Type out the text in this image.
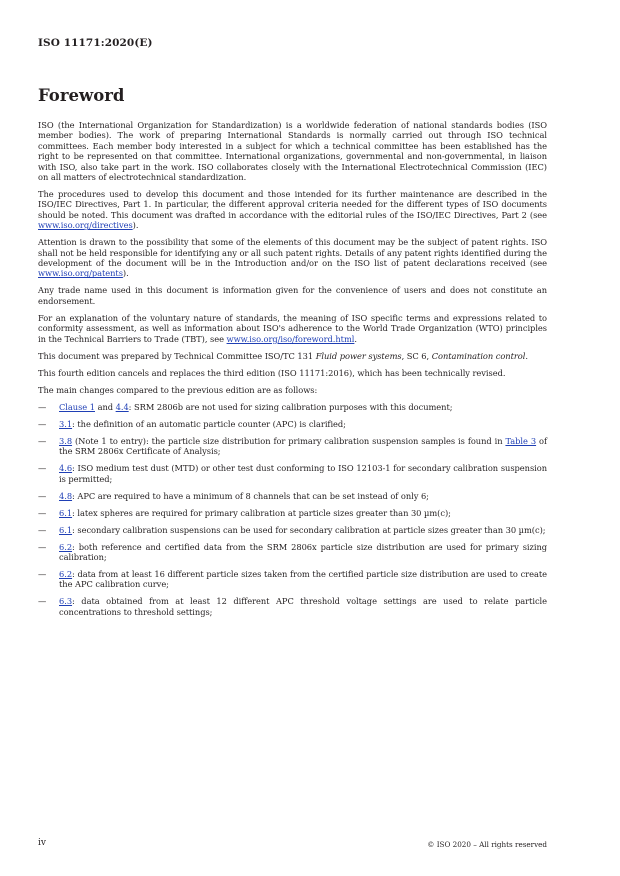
ISO 11171:2020(E)
Foreword

ISO (the International Organization for Standardization) is a worldwide federation of national standards bodies (ISO member bodies). The work of preparing International Standards is normally carried out through ISO technical committees. Each member body interested in a subject for which a technical committee has been established has the right to be represented on that committee. International organizations, governmental and non-governmental, in liaison with ISO, also take part in the work. ISO collaborates closely with the International Electrotechnical Commission (IEC) on all matters of electrotechnical standardization.

The procedures used to develop this document and those intended for its further maintenance are described in the ISO/IEC Directives, Part 1. In particular, the different approval criteria needed for the different types of ISO documents should be noted. This document was drafted in accordance with the editorial rules of the ISO/IEC Directives, Part 2 (see www.iso.org/directives).

Attention is drawn to the possibility that some of the elements of this document may be the subject of patent rights. ISO shall not be held responsible for identifying any or all such patent rights. Details of any patent rights identified during the development of the document will be in the Introduction and/or on the ISO list of patent declarations received (see www.iso.org/patents).

Any trade name used in this document is information given for the convenience of users and does not constitute an endorsement.

For an explanation of the voluntary nature of standards, the meaning of ISO specific terms and expressions related to conformity assessment, as well as information about ISO's adherence to the World Trade Organization (WTO) principles in the Technical Barriers to Trade (TBT), see www.iso.org/iso/foreword.html.

This document was prepared by Technical Committee ISO/TC 131 Fluid power systems, SC 6, Contamination control.

This fourth edition cancels and replaces the third edition (ISO 11171:2016), which has been technically revised.

The main changes compared to the previous edition are as follows:

—	Clause 1 and 4.4: SRM 2806b are not used for sizing calibration purposes with this document;
—	3.1: the definition of an automatic particle counter (APC) is clarified;
—	3.8 (Note 1 to entry): the particle size distribution for primary calibration suspension samples is found in Table 3 of the SRM 2806x Certificate of Analysis;
—	4.6: ISO medium test dust (MTD) or other test dust conforming to ISO 12103-1 for secondary calibration suspension is permitted;
—	4.8: APC are required to have a minimum of 8 channels that can be set instead of only 6;
—	6.1: latex spheres are required for primary calibration at particle sizes greater than 30 µm(c);
—	6.1: secondary calibration suspensions can be used for secondary calibration at particle sizes greater than 30 µm(c);
—	6.2: both reference and certified data from the SRM 2806x particle size distribution are used for primary sizing calibration;
—	6.2: data from at least 16 different particle sizes taken from the certified particle size distribution are used to create the APC calibration curve;
—	6.3: data obtained from at least 12 different APC threshold voltage settings are used to relate particle concentrations to threshold settings;
iv	© ISO 2020 – All rights reserved
